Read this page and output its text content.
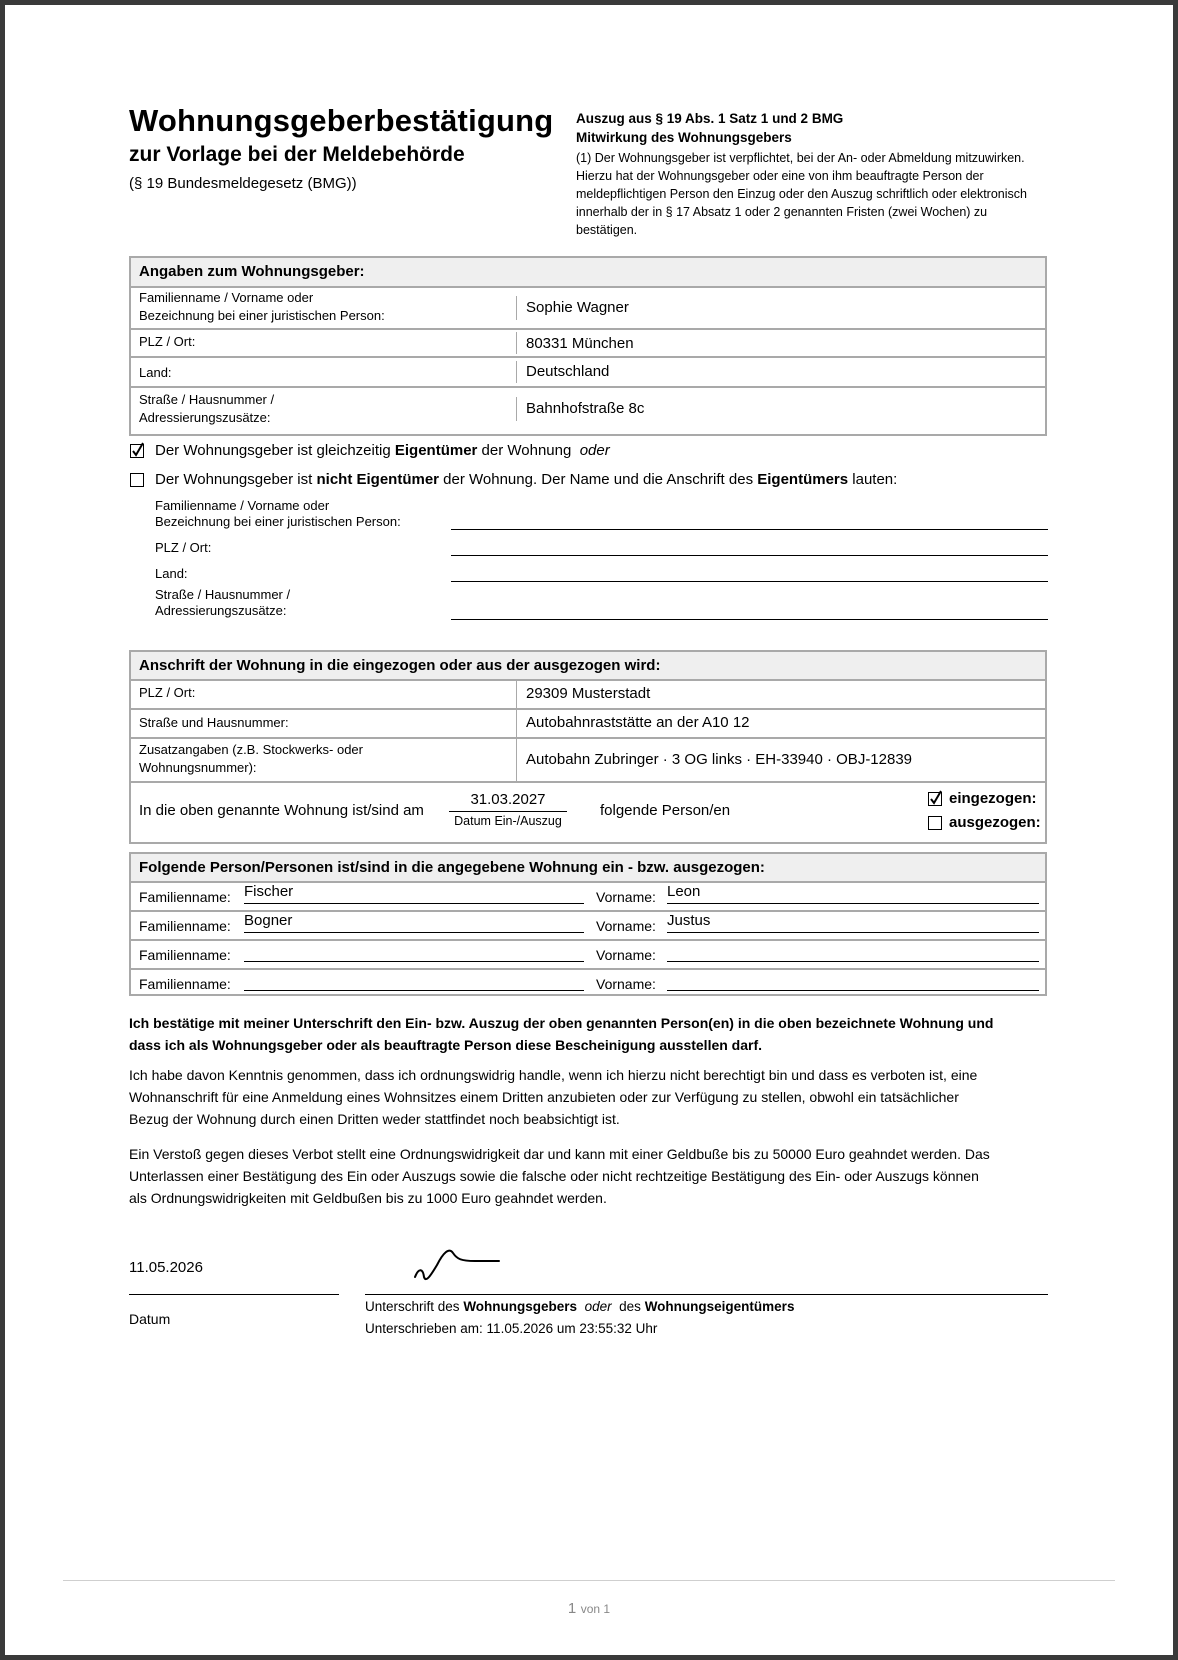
Wohnungsgeberbestätigung
zur Vorlage bei der Meldebehörde
(§ 19 Bundesmeldegesetz (BMG))
Auszug aus § 19 Abs. 1 Satz 1 und 2 BMG
Mitwirkung des Wohnungsgebers
(1) Der Wohnungsgeber ist verpflichtet, bei der An- oder Abmeldung mitzuwirken.
Hierzu hat der Wohnungsgeber oder eine von ihm beauftragte Person der
meldepflichtigen Person den Einzug oder den Auszug schriftlich oder elektronisch
innerhalb der in § 17 Absatz 1 oder 2 genannten Fristen (zwei Wochen) zu
bestätigen.
Angaben zum Wohnungsgeber:
Familienname / Vorname oder
Bezeichnung bei einer juristischen Person:	Sophie Wagner
PLZ / Ort:	80331 München
Land:	Deutschland
Straße / Hausnummer /
Adressierungszusätze:
Bahnhofstraße 8c
Der Wohnungsgeber ist gleichzeitig Eigentümer der Wohnung oder
Der Wohnungsgeber ist nicht Eigentümer der Wohnung. Der Name und die Anschrift des Eigentümers lauten:
Familienname / Vorname oder
Bezeichnung bei einer juristischen Person:
PLZ / Ort:
Land:
Straße / Hausnummer /
Adressierungszusätze:
Anschrift der Wohnung in die eingezogen oder aus der ausgezogen wird:
PLZ / Ort:	29309 Musterstadt
Straße und Hausnummer:	Autobahnraststätte an der A10 12
Zusatzangaben (z.B. Stockwerks- oder
Wohnungsnummer):	Autobahn Zubringer · 3 OG links · EH-33940 · OBJ-12839
In die oben genannte Wohnung ist/sind am
31.03.2027
Datum Ein-/Auszug
folgende Person/en
eingezogen:
ausgezogen:
Folgende Person/Personen ist/sind in die angegebene Wohnung ein - bzw. ausgezogen:
Familienname: Fischer	Vorname: Leon
Familienname: Bogner	Vorname: Justus
Familienname:	Vorname:
Familienname:	Vorname:
Ich bestätige mit meiner Unterschrift den Ein- bzw. Auszug der oben genannten Person(en) in die oben bezeichnete Wohnung und
dass ich als Wohnungsgeber oder als beauftragte Person diese Bescheinigung ausstellen darf.
Ich habe davon Kenntnis genommen, dass ich ordnungswidrig handle, wenn ich hierzu nicht berechtigt bin und dass es verboten ist, eine
Wohnanschrift für eine Anmeldung eines Wohnsitzes einem Dritten anzubieten oder zur Verfügung zu stellen, obwohl ein tatsächlicher
Bezug der Wohnung durch einen Dritten weder stattfindet noch beabsichtigt ist.
Ein Verstoß gegen dieses Verbot stellt eine Ordnungswidrigkeit dar und kann mit einer Geldbuße bis zu 50000 Euro geahndet werden. Das
Unterlassen einer Bestätigung des Ein oder Auszugs sowie die falsche oder nicht rechtzeitige Bestätigung des Ein- oder Auszugs können
als Ordnungswidrigkeiten mit Geldbußen bis zu 1000 Euro geahndet werden.
11.05.2026
Datum
Unterschrift des Wohnungsgebers oder des Wohnungseigentümers
Unterschrieben am: 11.05.2026 um 23:55:32 Uhr
1 von 1
